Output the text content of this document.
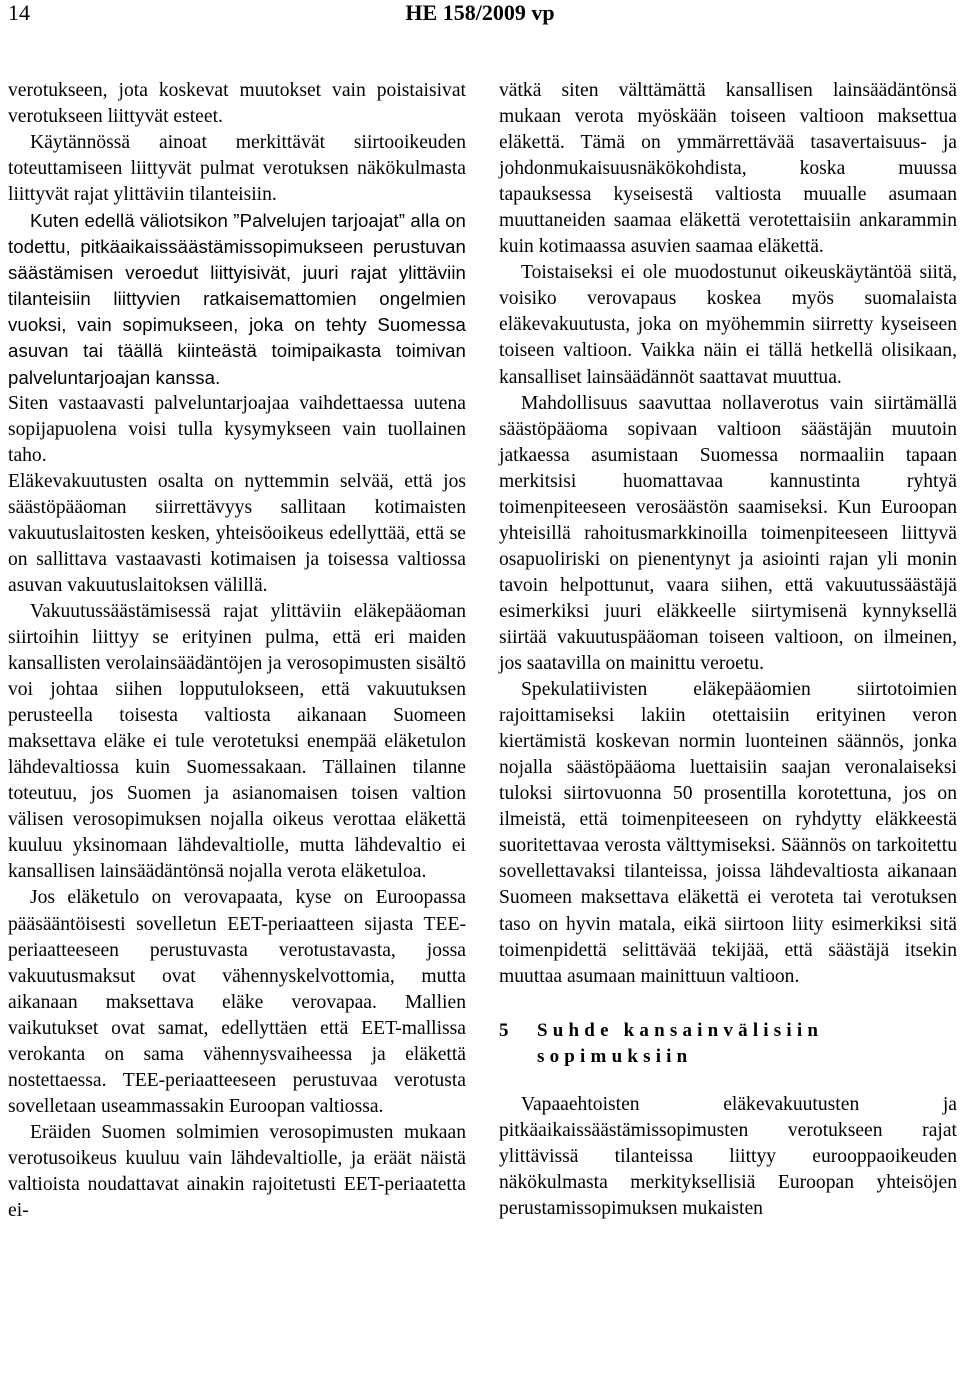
14	HE 158/2009 vp

verotukseen, jota koskevat muutokset vain poistaisivat verotukseen liittyvät esteet.

Käytännössä ainoat merkittävät siirtooikeuden toteuttamiseen liittyvät pulmat verotuksen näkökulmasta liittyvät rajat ylittäviin tilanteisiin.

Kuten edellä väliotsikon ”Palvelujen tarjoajat” alla on todettu, pitkäaikaissäästämissopimukseen perustuvan säästämisen veroedut liittyisivät, juuri rajat ylittäviin tilanteisiin liittyvien ratkaisemattomien ongelmien vuoksi, vain sopimukseen, joka on tehty Suomessa asuvan tai täällä kiinteästä toimipaikasta toimivan palveluntarjoajan kanssa.

Siten vastaavasti palveluntarjoajaa vaihdettaessa uutena sopijapuolena voisi tulla kysymykseen vain tuollainen taho.

Eläkevakuutusten osalta on nyttemmin selvää, että jos säästöpääoman siirrettävyys sallitaan kotimaisten vakuutuslaitosten kesken, yhteisöoikeus edellyttää, että se on sallittava vastaavasti kotimaisen ja toisessa valtiossa asuvan vakuutuslaitoksen välillä.

Vakuutussäästämisessä rajat ylittäviin eläkepääoman siirtoihin liittyy se erityinen pulma, että eri maiden kansallisten verolainsäädäntöjen ja verosopimusten sisältö voi johtaa siihen lopputulokseen, että vakuutuksen perusteella toisesta valtiosta aikanaan Suomeen maksettava eläke ei tule verotetuksi enempää eläketulon lähdevaltiossa kuin Suomessakaan. Tällainen tilanne toteutuu, jos Suomen ja asianomaisen toisen valtion välisen verosopimuksen nojalla oikeus verottaa eläkettä kuuluu yksinomaan lähdevaltiolle, mutta lähdevaltio ei kansallisen lainsäädäntönsä nojalla verota eläketuloa.

Jos eläketulo on verovapaata, kyse on Euroopassa pääsääntöisesti sovelletun EET-periaatteen sijasta TEE-periaatteeseen perustuvasta verotustavasta, jossa vakuutusmaksut ovat vähennyskelvottomia, mutta aikanaan maksettava eläke verovapaa. Mallien vaikutukset ovat samat, edellyttäen että EET-mallissa verokanta on sama vähennysvaiheessa ja eläkettä nostettaessa. TEE-periaatteeseen perustuvaa verotusta sovelletaan useammassakin Euroopan valtiossa.

Eräiden Suomen solmimien verosopimusten mukaan verotusoikeus kuuluu vain lähdevaltiolle, ja eräät näistä valtioista noudattavat ainakin rajoitetusti EET-periaatetta ei-

vätkä siten välttämättä kansallisen lainsäädäntönsä mukaan verota myöskään toiseen valtioon maksettua eläkettä. Tämä on ymmärrettävää tasavertaisuus- ja johdonmukaisuusnäkökohdista, koska muussa tapauksessa kyseisestä valtiosta muualle asumaan muuttaneiden saamaa eläkettä verotettaisiin ankarammin kuin kotimaassa asuvien saamaa eläkettä.

Toistaiseksi ei ole muodostunut oikeuskäytäntöä siitä, voisiko verovapaus koskea myös suomalaista eläkevakuutusta, joka on myöhemmin siirretty kyseiseen toiseen valtioon. Vaikka näin ei tällä hetkellä olisikaan, kansalliset lainsäädännöt saattavat muuttua.

Mahdollisuus saavuttaa nollaverotus vain siirtämällä säästöpääoma sopivaan valtioon säästäjän muutoin jatkaessa asumistaan Suomessa normaaliin tapaan merkitsisi huomattavaa kannustinta ryhtyä toimenpiteeseen verosäästön saamiseksi. Kun Euroopan yhteisillä rahoitusmarkkinoilla toimenpiteeseen liittyvä osapuoliriski on pienentynyt ja asiointi rajan yli monin tavoin helpottunut, vaara siihen, että vakuutussäästäjä esimerkiksi juuri eläkkeelle siirtymisenä kynnyksellä siirtää vakuutuspääoman toiseen valtioon, on ilmeinen, jos saatavilla on mainittu veroetu.

Spekulatiivisten eläkepääomien siirtotoimien rajoittamiseksi lakiin otettaisiin erityinen veron kiertämistä koskevan normin luonteinen säännös, jonka nojalla säästöpääoma luettaisiin saajan veronalaiseksi tuloksi siirtovuonna 50 prosentilla korotettuna, jos on ilmeistä, että toimenpiteeseen on ryhdytty eläkkeestä suoritettavaa verosta välttymiseksi. Säännös on tarkoitettu sovellettavaksi tilanteissa, joissa lähdevaltiosta aikanaan Suomeen maksettava eläkettä ei veroteta tai verotuksen taso on hyvin matala, eikä siirtoon liity esimerkiksi sitä toimenpidettä selittävää tekijää, että säästäjä itsekin muuttaa asumaan mainittuun valtioon.

5	Suhde kansainvälisiin sopimuksiin

Vapaaehtoisten eläkevakuutusten ja pitkäaikaissäästämissopimusten verotukseen rajat ylittävissä tilanteissa liittyy eurooppaoikeuden näkökulmasta merkityksellisiä Euroopan yhteisöjen perustamissopimuksen mukaisten
